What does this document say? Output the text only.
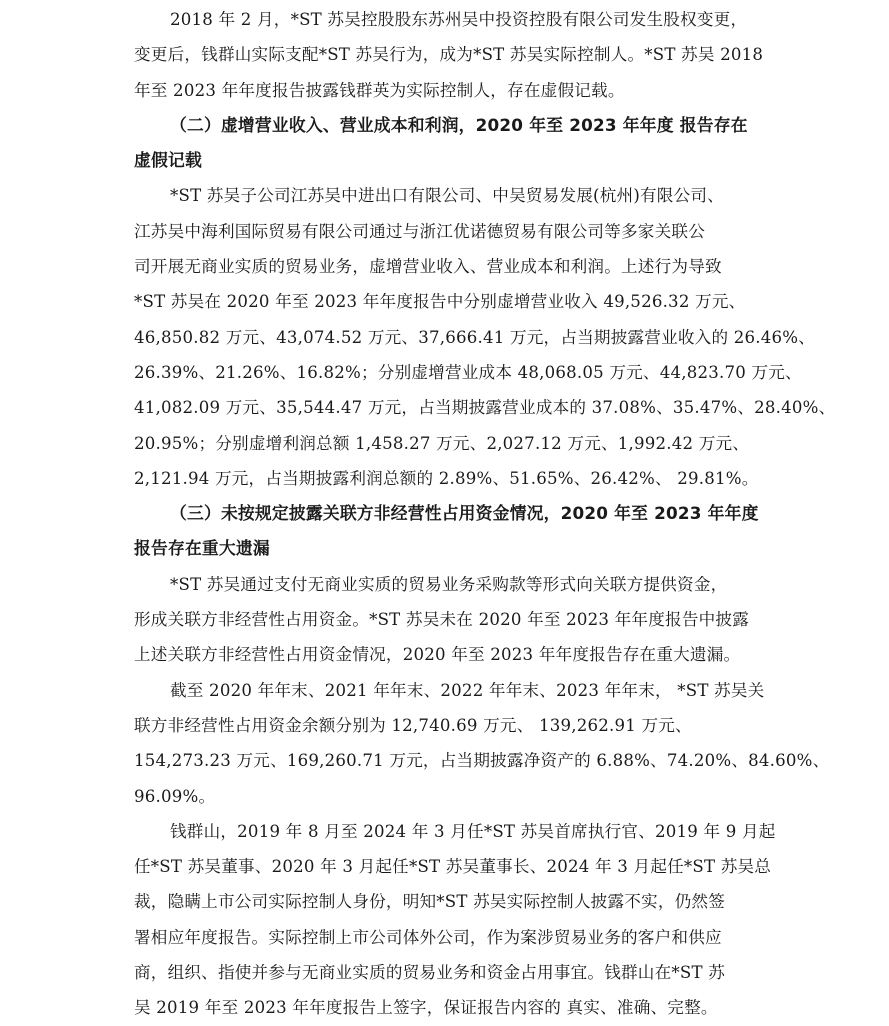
2018 年 2 月，*ST 苏吴控股股东苏州吴中投资控股有限公司发生股权变更，
变更后，钱群山实际支配*ST 苏吴行为，成为*ST 苏吴实际控制人。*ST 苏吴 2018
年至 2023 年年度报告披露钱群英为实际控制人，存在虚假记载。
（二）虚增营业收入、营业成本和利润，2020 年至 2023 年年度 报告存在
虚假记载
*ST 苏吴子公司江苏吴中进出口有限公司、中吴贸易发展(杭州)有限公司、
江苏吴中海利国际贸易有限公司通过与浙江优诺德贸易有限公司等多家关联公
司开展无商业实质的贸易业务，虚增营业收入、营业成本和利润。上述行为导致
*ST 苏吴在 2020 年至 2023 年年度报告中分别虚增营业收入 49,526.32 万元、
46,850.82 万元、43,074.52 万元、37,666.41 万元，占当期披露营业收入的 26.46%、
26.39%、21.26%、16.82%；分别虚增营业成本 48,068.05 万元、44,823.70 万元、
41,082.09 万元、35,544.47 万元，占当期披露营业成本的 37.08%、35.47%、28.40%、
20.95%；分别虚增利润总额 1,458.27 万元、2,027.12 万元、1,992.42 万元、
2,121.94 万元，占当期披露利润总额的 2.89%、51.65%、26.42%、 29.81%。
（三）未按规定披露关联方非经营性占用资金情况，2020 年至 2023 年年度
报告存在重大遗漏
*ST 苏吴通过支付无商业实质的贸易业务采购款等形式向关联方提供资金，
形成关联方非经营性占用资金。*ST 苏吴未在 2020 年至 2023 年年度报告中披露
上述关联方非经营性占用资金情况，2020 年至 2023 年年度报告存在重大遗漏。
截至 2020 年年末、2021 年年末、2022 年年末、2023 年年末， *ST 苏吴关
联方非经营性占用资金余额分别为 12,740.69 万元、 139,262.91 万元、
154,273.23 万元、169,260.71 万元，占当期披露净资产的 6.88%、74.20%、84.60%、
96.09%。
钱群山，2019 年 8 月至 2024 年 3 月任*ST 苏吴首席执行官、2019 年 9 月起
任*ST 苏吴董事、2020 年 3 月起任*ST 苏吴董事长、2024 年 3 月起任*ST 苏吴总
裁，隐瞒上市公司实际控制人身份，明知*ST 苏吴实际控制人披露不实，仍然签
署相应年度报告。实际控制上市公司体外公司，作为案涉贸易业务的客户和供应
商，组织、指使并参与无商业实质的贸易业务和资金占用事宜。钱群山在*ST 苏
吴 2019 年至 2023 年年度报告上签字，保证报告内容的 真实、准确、完整。
